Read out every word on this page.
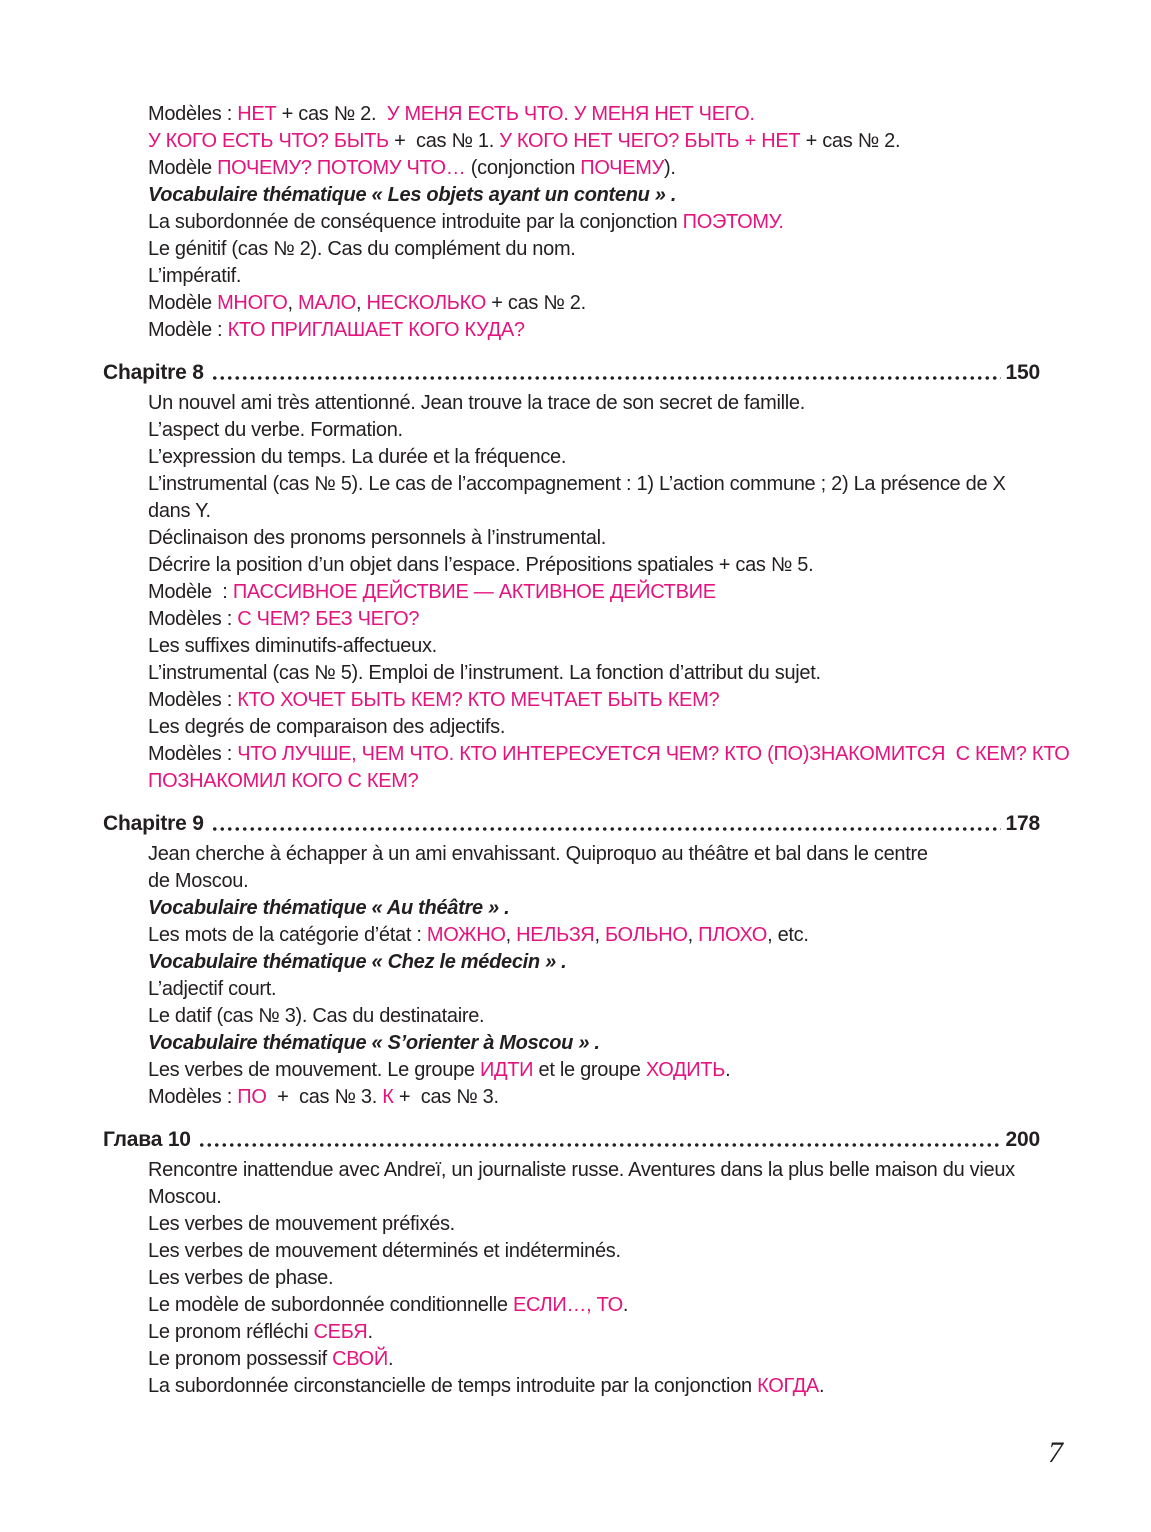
Modèles : НЕТ + cas № 2.  У МЕНЯ ЕСТЬ ЧТО. У МЕНЯ НЕТ ЧЕГО.
У КОГО ЕСТЬ ЧТО? БЫТЬ +  cas № 1. У КОГО НЕТ ЧЕГО? БЫТЬ + НЕТ + cas № 2.
Modèle ПОЧЕМУ? ПОТОМУ ЧТО… (conjonction ПОЧЕМУ).
Vocabulaire thématique « Les objets ayant un contenu » .
La subordonnée de conséquence introduite par la conjonction ПОЭТОМУ.
Le génitif (cas № 2). Cas du complément du nom.
L’impératif.
Modèle МНОГО, МАЛО, НЕСКОЛЬКО + cas № 2.
Modèle : КТО ПРИГЛАШАЕТ КОГО КУДА?
Chapitre 8	150
Un nouvel ami très attentionné. Jean trouve la trace de son secret de famille.
L’aspect du verbe. Formation.
L’expression du temps. La durée et la fréquence.
L’instrumental (cas № 5). Le cas de l’accompagnement : 1) L’action commune ; 2) La présence de X
dans Y.
Déclinaison des pronoms personnels à l’instrumental.
Décrire la position d’un objet dans l’espace. Prépositions spatiales + cas № 5.
Modèle  : ПАССИВНОЕ ДЕЙСТВИЕ — АКТИВНОЕ ДЕЙСТВИЕ
Modèles : С ЧЕМ? БЕЗ ЧЕГО?
Les suffixes diminutifs-affectueux.
L’instrumental (cas № 5). Emploi de l’instrument. La fonction d’attribut du sujet.
Modèles : КТО ХОЧЕТ БЫТЬ КЕМ? КТО МЕЧТАЕТ БЫТЬ КЕМ?
Les degrés de comparaison des adjectifs.
Modèles : ЧТО ЛУЧШЕ, ЧЕМ ЧТО. КТО ИНТЕРЕСУЕТСЯ ЧЕМ? КТО (ПО)ЗНАКОМИТСЯ  С КЕМ? КТО
ПОЗНАКОМИЛ КОГО С КЕМ?
Chapitre 9	178
Jean cherche à échapper à un ami envahissant. Quiproquo au théâtre et bal dans le centre
de Moscou.
Vocabulaire thématique « Au théâtre » .
Les mots de la catégorie d’état : МОЖНО, НЕЛЬЗЯ, БОЛЬНО, ПЛОХО, etc.
Vocabulaire thématique « Chez le médecin » .
L’adjectif court.
Le datif (cas № 3). Cas du destinataire.
Vocabulaire thématique « S’orienter à Moscou » .
Les verbes de mouvement. Le groupe ИДТИ et le groupe ХОДИТЬ.
Modèles : ПО  +  cas № 3. К +  cas № 3.
Глава 10	200
Rencontre inattendue avec Andreï, un journaliste russe. Aventures dans la plus belle maison du vieux
Moscou.
Les verbes de mouvement préfixés.
Les verbes de mouvement déterminés et indéterminés.
Les verbes de phase.
Le modèle de subordonnée conditionnelle ЕСЛИ…, ТО.
Le pronom réfléchi СЕБЯ.
Le pronom possessif СВОЙ.
La subordonnée circonstancielle de temps introduite par la conjonction КОГДА.
7
